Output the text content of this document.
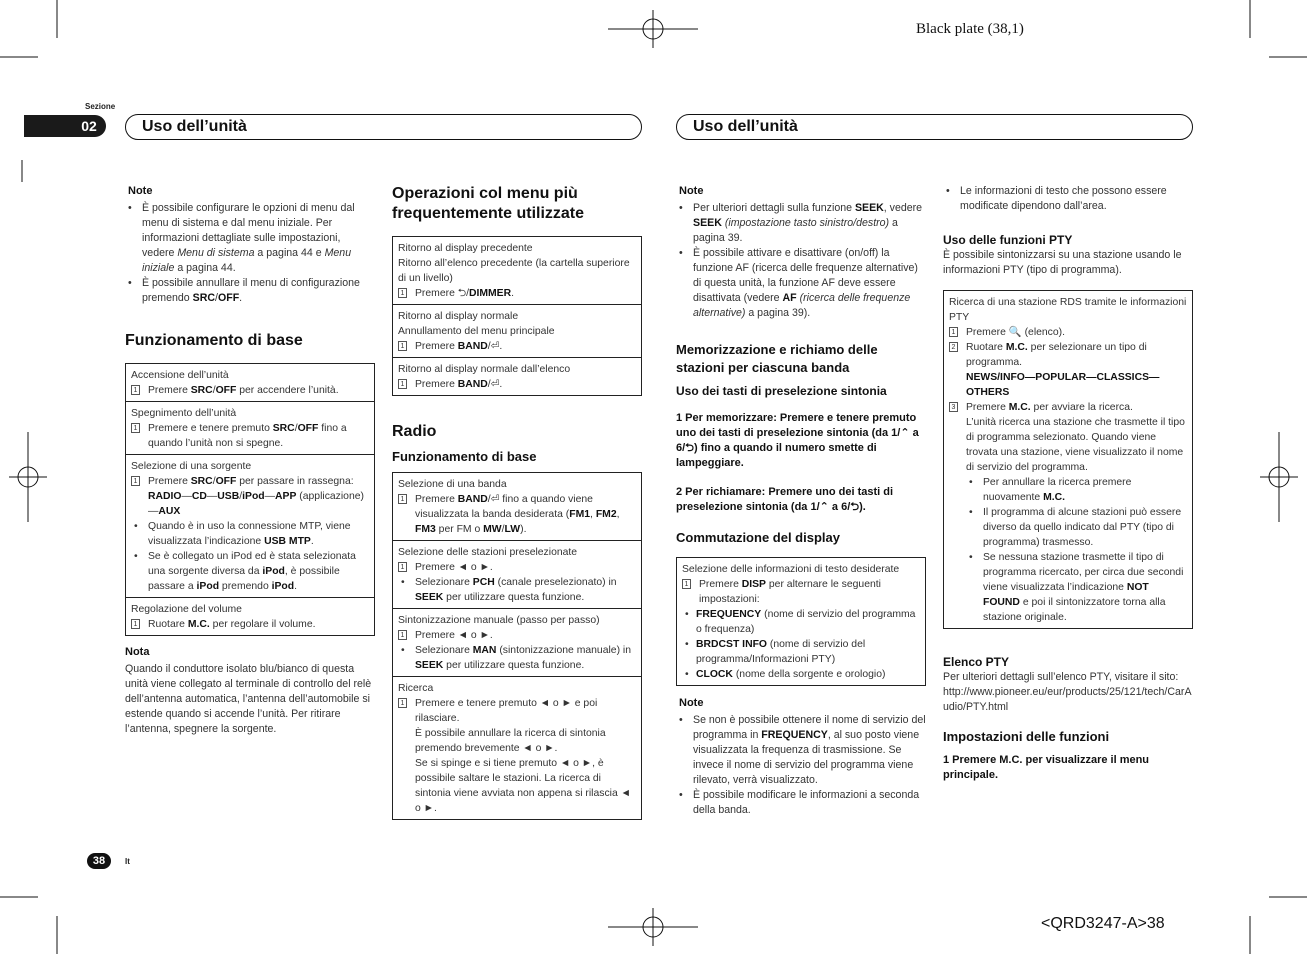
Black plate (38,1)
Sezione
02	Uso dell’unità	Uso dell’unità

Note

• È possibile configurare le opzioni di menu dal menu di sistema e dal menu iniziale. Per informazioni dettagliate sulle impostazioni, vedere Menu di sistema a pagina 44 e Menu iniziale a pagina 44.
• È possibile annullare il menu di configurazione premendo SRC/OFF.

Funzionamento di base

Accensione dell’unità
1 Premere SRC/OFF per accendere l’unità.
Spegnimento dell’unità
1 Premere e tenere premuto SRC/OFF fino a quando l’unità non si spegne.
Selezione di una sorgente
1 Premere SRC/OFF per passare in rassegna:
RADIO—CD—USB/iPod—APP (applicazione)—AUX
• Quando è in uso la connessione MTP, viene visualizzata l’indicazione USB MTP.
• Se è collegato un iPod ed è stata selezionata una sorgente diversa da iPod, è possibile passare a iPod premendo iPod.
Regolazione del volume
1 Ruotare M.C. per regolare il volume.

Nota

Quando il conduttore isolato blu/bianco di questa unità viene collegato al terminale di controllo del relè dell’antenna automatica, l’antenna dell’automobile si estende quando si accende l’unità. Per ritirare l’antenna, spegnere la sorgente.

Operazioni col menu più frequentemente utilizzate

Ritorno al display precedente
Ritorno all’elenco precedente (la cartella superiore di un livello)
1 Premere ⮌/DIMMER.
Ritorno al display normale
Annullamento del menu principale
1 Premere BAND/⏎.
Ritorno al display normale dall’elenco
1 Premere BAND/⏎.

Radio

Funzionamento di base

Selezione di una banda
1 Premere BAND/⏎ fino a quando viene visualizzata la banda desiderata (FM1, FM2, FM3 per FM o MW/LW).
Selezione delle stazioni preselezionate
1 Premere ◄ o ►.
• Selezionare PCH (canale preselezionato) in SEEK per utilizzare questa funzione.
Sintonizzazione manuale (passo per passo)
1 Premere ◄ o ►.
• Selezionare MAN (sintonizzazione manuale) in SEEK per utilizzare questa funzione.
Ricerca
1 Premere e tenere premuto ◄ o ► e poi rilasciare.
È possibile annullare la ricerca di sintonia premendo brevemente ◄ o ►.
Se si spinge e si tiene premuto ◄ o ►, è possibile saltare le stazioni. La ricerca di sintonia viene avviata non appena si rilascia ◄ o ►.

Note

• Per ulteriori dettagli sulla funzione SEEK, vedere SEEK (impostazione tasto sinistro/destro) a pagina 39.
• È possibile attivare e disattivare (on/off) la funzione AF (ricerca delle frequenze alternative) di questa unità, la funzione AF deve essere disattivata (vedere AF (ricerca delle frequenze alternative) a pagina 39).

Memorizzazione e richiamo delle stazioni per ciascuna banda

Uso dei tasti di preselezione sintonia

1 Per memorizzare: Premere e tenere premuto uno dei tasti di preselezione sintonia (da 1/⌃ a 6/⮌) fino a quando il numero smette di lampeggiare.

2 Per richiamare: Premere uno dei tasti di preselezione sintonia (da 1/⌃ a 6/⮌).

Commutazione del display

Selezione delle informazioni di testo desiderate
1 Premere DISP per alternare le seguenti impostazioni:
• FREQUENCY (nome di servizio del programma o frequenza)
• BRDCST INFO (nome di servizio del programma/Informazioni PTY)
• CLOCK (nome della sorgente e orologio)

Note

• Se non è possibile ottenere il nome di servizio del programma in FREQUENCY, al suo posto viene visualizzata la frequenza di trasmissione. Se invece il nome di servizio del programma viene rilevato, verrà visualizzato.
• È possibile modificare le informazioni a seconda della banda.
• Le informazioni di testo che possono essere modificate dipendono dall’area.

Uso delle funzioni PTY

È possibile sintonizzarsi su una stazione usando le informazioni PTY (tipo di programma).

Ricerca di una stazione RDS tramite le informazioni PTY
1 Premere 🔍 (elenco).
2 Ruotare M.C. per selezionare un tipo di programma.
NEWS/INFO—POPULAR—CLASSICS—OTHERS
3 Premere M.C. per avviare la ricerca.
L’unità ricerca una stazione che trasmette il tipo di programma selezionato. Quando viene trovata una stazione, viene visualizzato il nome di servizio del programma.
• Per annullare la ricerca premere nuovamente M.C.
• Il programma di alcune stazioni può essere diverso da quello indicato dal PTY (tipo di programma) trasmesso.
• Se nessuna stazione trasmette il tipo di programma ricercato, per circa due secondi viene visualizzata l’indicazione NOT FOUND e poi il sintonizzatore torna alla stazione originale.

Elenco PTY

Per ulteriori dettagli sull’elenco PTY, visitare il sito:

http://www.pioneer.eu/eur/products/25/121/tech/CarAudio/PTY.html

Impostazioni delle funzioni

1 Premere M.C. per visualizzare il menu principale.

38 It
<QRD3247-A>38
